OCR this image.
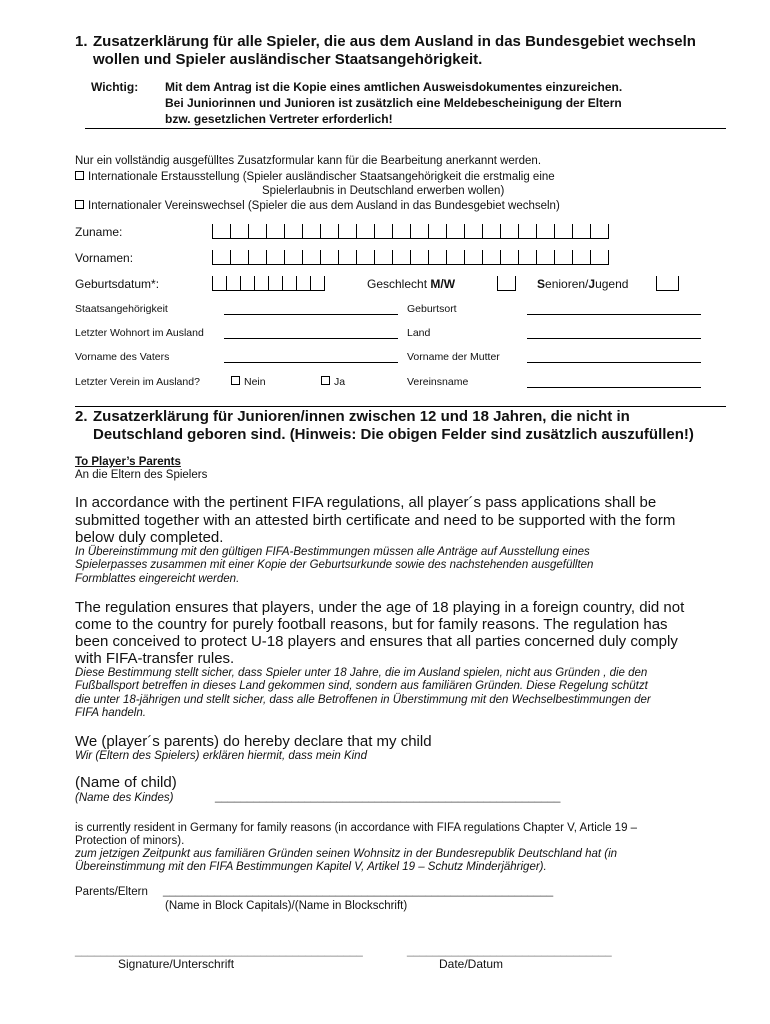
1. Zusatzerklärung für alle Spieler, die aus dem Ausland in das Bundesgebiet wechseln
wollen und Spieler ausländischer Staatsangehörigkeit.
Wichtig: Mit dem Antrag ist die Kopie eines amtlichen Ausweisdokumentes einzureichen.
Bei Juniorinnen und Junioren ist zusätzlich eine Meldebescheinigung der Eltern
bzw. gesetzlichen Vertreter erforderlich!
Nur ein vollständig ausgefülltes Zusatzformular kann für die Bearbeitung anerkannt werden.
Internationale Erstausstellung (Spieler ausländischer Staatsangehörigkeit die erstmalig eine
Spielerlaubnis in Deutschland erwerben wollen)
Internationaler Vereinswechsel (Spieler die aus dem Ausland in das Bundesgebiet wechseln)
Zuname:
Vornamen:
Geburtsdatum*:	Geschlecht M/W	Senioren/Jugend
Staatsangehörigkeit	Geburtsort
Letzter Wohnort im Ausland	Land
Vorname des Vaters	Vorname der Mutter
Letzter Verein im Ausland?	Nein	Ja	Vereinsname
2. Zusatzerklärung für Junioren/innen zwischen 12 und 18 Jahren, die nicht in
Deutschland geboren sind. (Hinweis: Die obigen Felder sind zusätzlich auszufüllen!)
To Player’s Parents
An die Eltern des Spielers
In accordance with the pertinent FIFA regulations, all player´s pass applications shall be
submitted together with an attested birth certificate and need to be supported with the form
below duly completed.
In Übereinstimmung mit den gültigen FIFA-Bestimmungen müssen alle Anträge auf Ausstellung eines
Spielerpasses zusammen mit einer Kopie der Geburtsurkunde sowie des nachstehenden ausgefüllten
Formblattes eingereicht werden.
The regulation ensures that players, under the age of 18 playing in a foreign country, did not
come to the country for purely football reasons, but for family reasons. The regulation has
been conceived to protect U-18 players and ensures that all parties concerned duly comply
with FIFA-transfer rules.
Diese Bestimmung stellt sicher, dass Spieler unter 18 Jahre, die im Ausland spielen, nicht aus Gründen , die den
Fußballsport betreffen in dieses Land gekommen sind, sondern aus familiären Gründen. Diese Regelung schützt
die unter 18-jährigen und stellt sicher, dass alle Betroffenen in Überstimmung mit den Wechselbestimmungen der
FIFA handeln.
We (player´s parents) do hereby declare that my child
Wir (Eltern des Spielers) erklären hiermit, dass mein Kind
(Name of child)
(Name des Kindes)	______________________________________________________
is currently resident in Germany for family reasons (in accordance with FIFA regulations Chapter V, Article 19 –
Protection of minors).
zum jetzigen Zeitpunkt aus familiären Gründen seinen Wohnsitz in der Bundesrepublik Deutschland hat (in
Übereinstimmung mit den FIFA Bestimmungen Kapitel V, Artikel 19 – Schutz Minderjähriger).
Parents/Eltern _____________________________________________________________
(Name in Block Capitals)/(Name in Blockschrift)
_____________________________________________	________________________________
Signature/Unterschrift	Date/Datum
